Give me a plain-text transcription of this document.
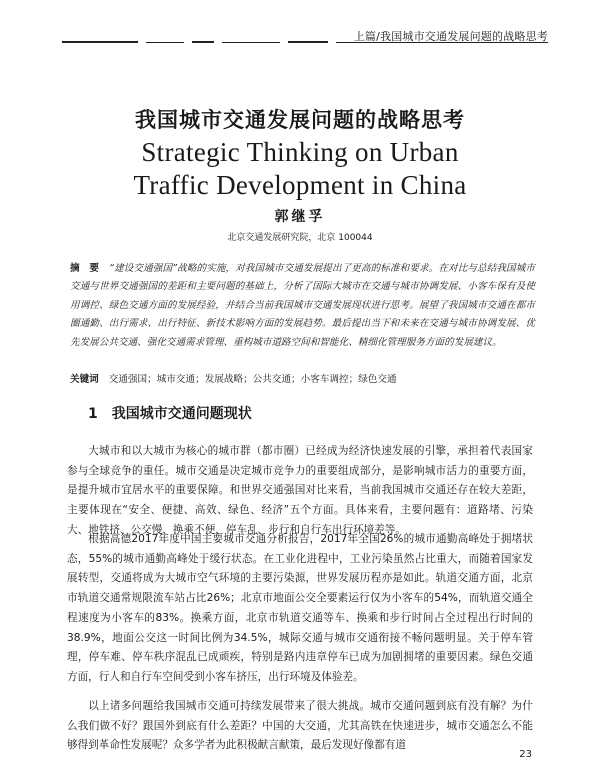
上篇/我国城市交通发展问题的战略思考
我国城市交通发展问题的战略思考
Strategic Thinking on Urban
Traffic Development in China
郭继孚
北京交通发展研究院，北京 100044
摘　要 “建设交通强国”战略的实施，对我国城市交通发展提出了更高的标准和要求。在对比与总结我国城市交通与世界交通强国的差距和主要问题的基础上，分析了国际大城市在交通与城市协调发展、小客车保有及使用调控、绿色交通方面的发展经验，并结合当前我国城市交通发展现状进行思考。展望了我国城市交通在都市圈通勤、出行需求、出行特征、新技术影响方面的发展趋势。最后提出当下和未来在交通与城市协调发展、优先发展公共交通、强化交通需求管理、重构城市道路空间和智能化、精细化管理服务方面的发展建议。
关键词 交通强国；城市交通；发展战略；公共交通；小客车调控；绿色交通
1 我国城市交通问题现状

大城市和以大城市为核心的城市群（都市圈）已经成为经济快速发展的引擎，承担着代表国家参与全球竞争的重任。城市交通是决定城市竞争力的重要组成部分，是影响城市活力的重要方面，是提升城市宜居水平的重要保障。和世界交通强国对比来看，当前我国城市交通还存在较大差距，主要体现在“安全、便捷、高效、绿色、经济”五个方面。具体来看，主要问题有：道路堵、污染大、地铁挤、公交慢、换乘不便、停车乱、步行和自行车出行环境差等。

根据高德2017年度中国主要城市交通分析报告，2017年全国26%的城市通勤高峰处于拥堵状态，55%的城市通勤高峰处于缓行状态。在工业化进程中，工业污染虽然占比重大，而随着国家发展转型，交通将成为大城市空气环境的主要污染源，世界发展历程亦是如此。轨道交通方面，北京市轨道交通常规限流车站占比26%；北京市地面公交全要素运行仅为小客车的54%，而轨道交通全程速度为小客车的83%。换乘方面，北京市轨道交通等车、换乘和步行时间占全过程出行时间的38.9%，地面公交这一时间比例为34.5%，城际交通与城市交通衔接不畅问题明显。关于停车管理，停车难、停车秩序混乱已成顽疾，特别是路内违章停车已成为加剧拥堵的重要因素。绿色交通方面，行人和自行车空间受到小客车挤压，出行环境及体验差。

以上诸多问题给我国城市交通可持续发展带来了很大挑战。城市交通问题到底有没有解？为什么我们做不好？跟国外到底有什么差距？中国的大交通，尤其高铁在快速进步，城市交通怎么不能够得到革命性发展呢？众多学者为此积极献言献策，最后发现好像都有道

23
